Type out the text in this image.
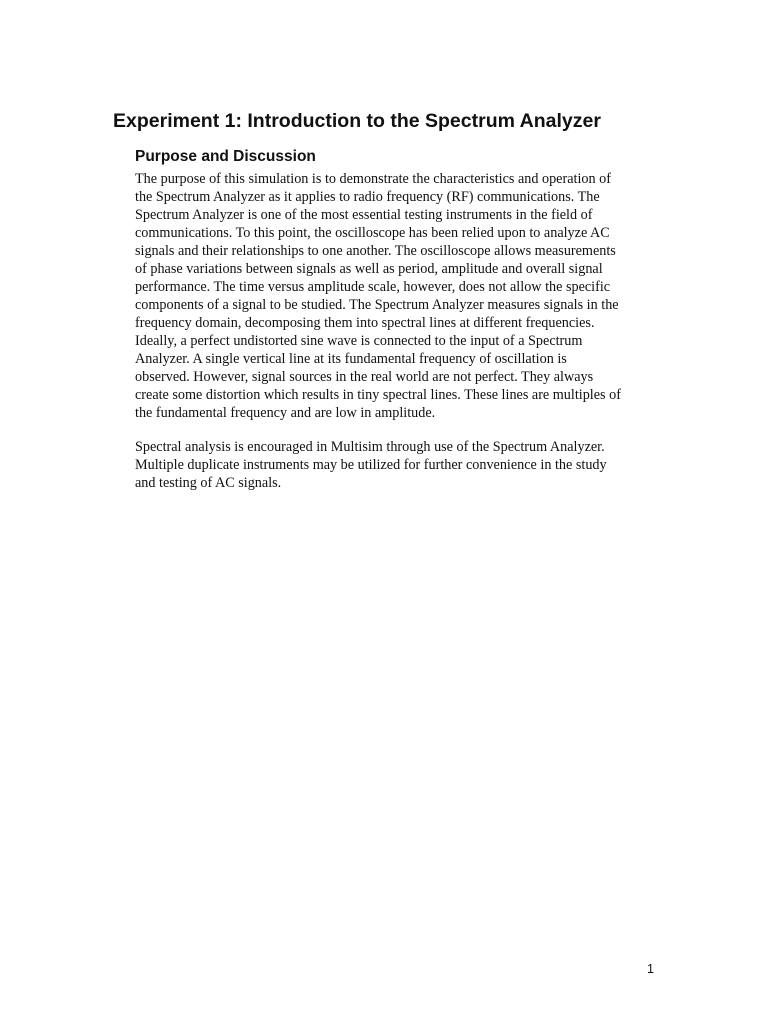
Experiment 1: Introduction to the Spectrum Analyzer
Purpose and Discussion

The purpose of this simulation is to demonstrate the characteristics and operation of
the Spectrum Analyzer as it applies to radio frequency (RF) communications. The
Spectrum Analyzer is one of the most essential testing instruments in the field of
communications. To this point, the oscilloscope has been relied upon to analyze AC
signals and their relationships to one another. The oscilloscope allows measurements
of phase variations between signals as well as period, amplitude and overall signal
performance. The time versus amplitude scale, however, does not allow the specific
components of a signal to be studied. The Spectrum Analyzer measures signals in the
frequency domain, decomposing them into spectral lines at different frequencies.
Ideally, a perfect undistorted sine wave is connected to the input of a Spectrum
Analyzer. A single vertical line at its fundamental frequency of oscillation is
observed. However, signal sources in the real world are not perfect. They always
create some distortion which results in tiny spectral lines. These lines are multiples of
the fundamental frequency and are low in amplitude.

Spectral analysis is encouraged in Multisim through use of the Spectrum Analyzer.
Multiple duplicate instruments may be utilized for further convenience in the study
and testing of AC signals.

1
